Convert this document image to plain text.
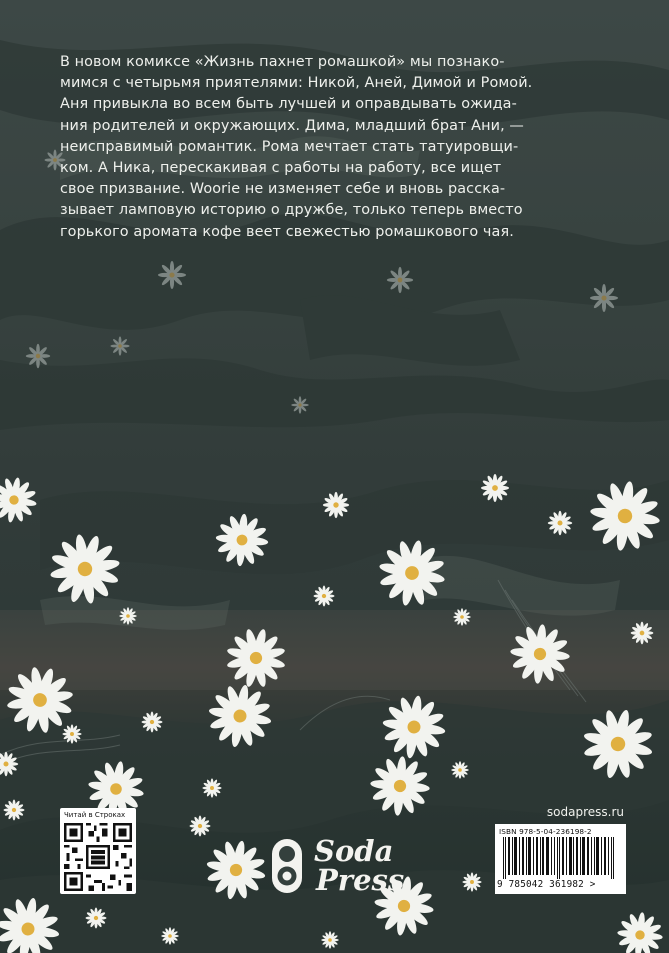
В новом комиксе «Жизнь пахнет ромашкой» мы познако-
мимся с четырьмя приятелями: Никой, Аней, Димой и Ромой.
Аня привыкла во всем быть лучшей и оправдывать ожида-
ния родителей и окружающих. Дима, младший брат Ани, —
неисправимый романтик. Рома мечтает стать татуировщи-
ком. А Ника, перескакивая с работы на работу, все ищет
свое призвание. Woorie не изменяет себе и вновь расска-
зывает ламповую историю о дружбе, только теперь вместо
горького аромата кофе веет свежестью ромашкового чая.

Читай в Строках	sodapress.ru
Soda
Press
ISBN 978-5-04-236198-2
9 785042 361982 >
